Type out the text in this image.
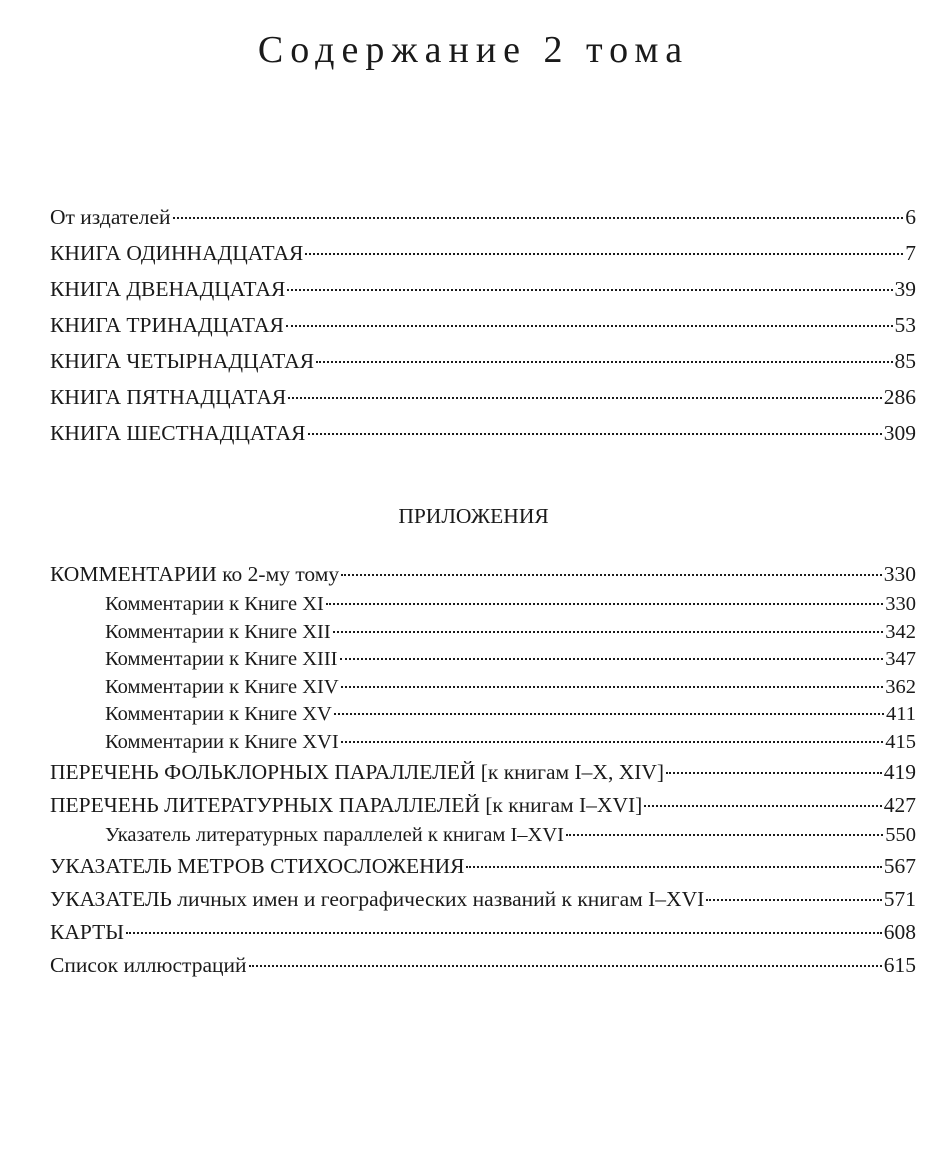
Содержание 2 тома
От издателей	6
КНИГА ОДИННАДЦАТАЯ	7
КНИГА ДВЕНАДЦАТАЯ	39
КНИГА ТРИНАДЦАТАЯ	53
КНИГА ЧЕТЫРНАДЦАТАЯ	85
КНИГА ПЯТНАДЦАТАЯ	286
КНИГА ШЕСТНАДЦАТАЯ	309
ПРИЛОЖЕНИЯ
КОММЕНТАРИИ ко 2-му тому	330
Комментарии к Книге XI	330
Комментарии к Книге XII	342
Комментарии к Книге XIII	347
Комментарии к Книге XIV	362
Комментарии к Книге XV	411
Комментарии к Книге XVI	415
ПЕРЕЧЕНЬ ФОЛЬКЛОРНЫХ ПАРАЛЛЕЛЕЙ [к книгам I–X, XIV]	419
ПЕРЕЧЕНЬ ЛИТЕРАТУРНЫХ ПАРАЛЛЕЛЕЙ [к книгам I–XVI]	427
Указатель литературных параллелей к книгам I–XVI	550
УКАЗАТЕЛЬ МЕТРОВ СТИХОСЛОЖЕНИЯ	567
УКАЗАТЕЛЬ личных имен и географических названий к книгам I–XVI	571
КАРТЫ	608
Список иллюстраций	615
